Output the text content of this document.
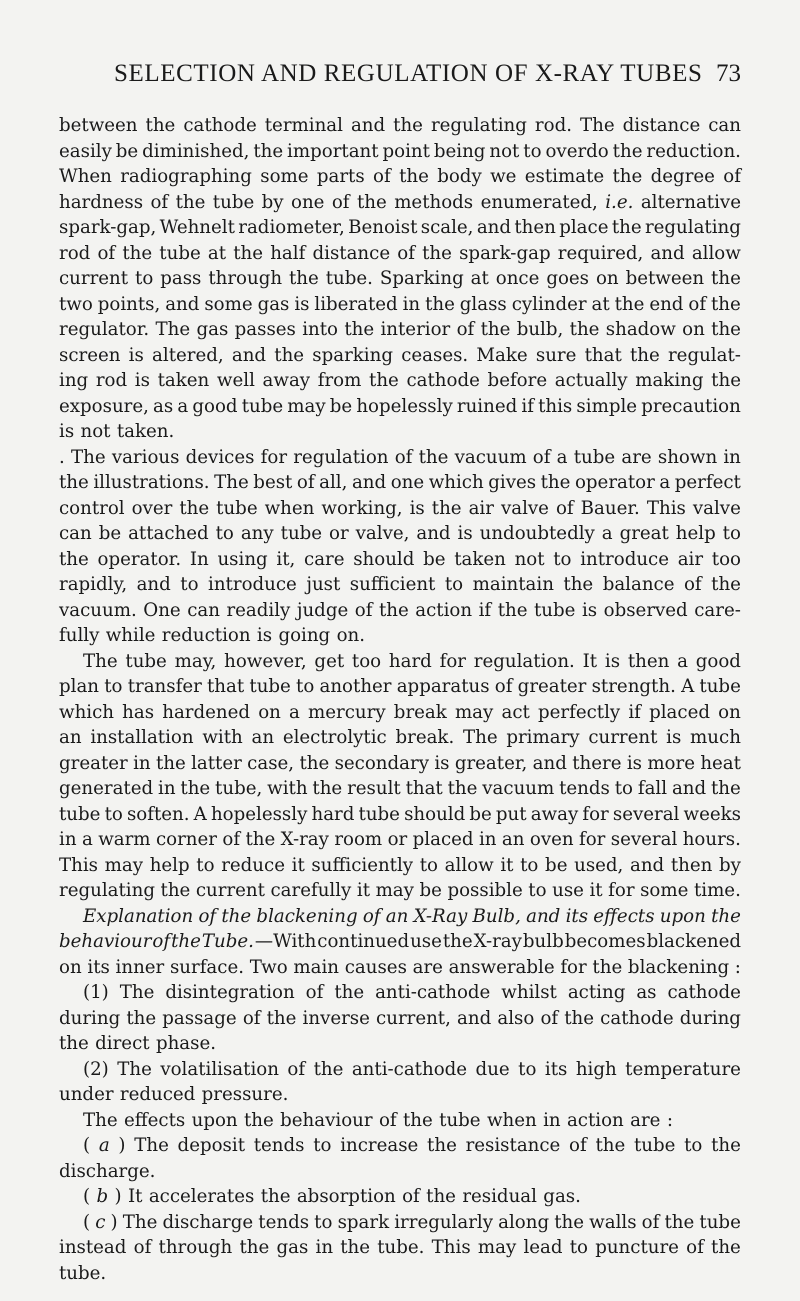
SELECTION AND REGULATION OF X-RAY TUBES 73
between the cathode terminal and the regulating rod. The distance can
easily be diminished, the important point being not to overdo the reduction.
When radiographing some parts of the body we estimate the degree of
hardness of the tube by one of the methods enumerated, i.e. alternative
spark-gap, Wehnelt radiometer, Benoist scale, and then place the regulating
rod of the tube at the half distance of the spark-gap required, and allow
current to pass through the tube. Sparking at once goes on between the
two points, and some gas is liberated in the glass cylinder at the end of the
regulator. The gas passes into the interior of the bulb, the shadow on the
screen is altered, and the sparking ceases. Make sure that the regulat-
ing rod is taken well away from the cathode before actually making the
exposure, as a good tube may be hopelessly ruined if this simple precaution
is not taken.
. The various devices for regulation of the vacuum of a tube are shown in
the illustrations. The best of all, and one which gives the operator a perfect
control over the tube when working, is the air valve of Bauer. This valve
can be attached to any tube or valve, and is undoubtedly a great help to
the operator. In using it, care should be taken not to introduce air too
rapidly, and to introduce just sufficient to maintain the balance of the
vacuum. One can readily judge of the action if the tube is observed care-
fully while reduction is going on.
The tube may, however, get too hard for regulation. It is then a good
plan to transfer that tube to another apparatus of greater strength. A tube
which has hardened on a mercury break may act perfectly if placed on
an installation with an electrolytic break. The primary current is much
greater in the latter case, the secondary is greater, and there is more heat
generated in the tube, with the result that the vacuum tends to fall and the
tube to soften. A hopelessly hard tube should be put away for several weeks
in a warm corner of the X-ray room or placed in an oven for several hours.
This may help to reduce it sufficiently to allow it to be used, and then by
regulating the current carefully it may be possible to use it for some time.
Explanation of the blackening of an X-Ray Bulb, and its effects upon the
behaviour of the Tube. —With continued use the X-ray bulb becomes blackened
on its inner surface. Two main causes are answerable for the blackening :
(1) The disintegration of the anti-cathode whilst acting as cathode
during the passage of the inverse current, and also of the cathode during
the direct phase.
(2) The volatilisation of the anti-cathode due to its high temperature
under reduced pressure.
The effects upon the behaviour of the tube when in action are :
( a ) The deposit tends to increase the resistance of the tube to the
discharge.
( b ) It accelerates the absorption of the residual gas.
( c ) The discharge tends to spark irregularly along the walls of the tube
instead of through the gas in the tube. This may lead to puncture of the
tube.
